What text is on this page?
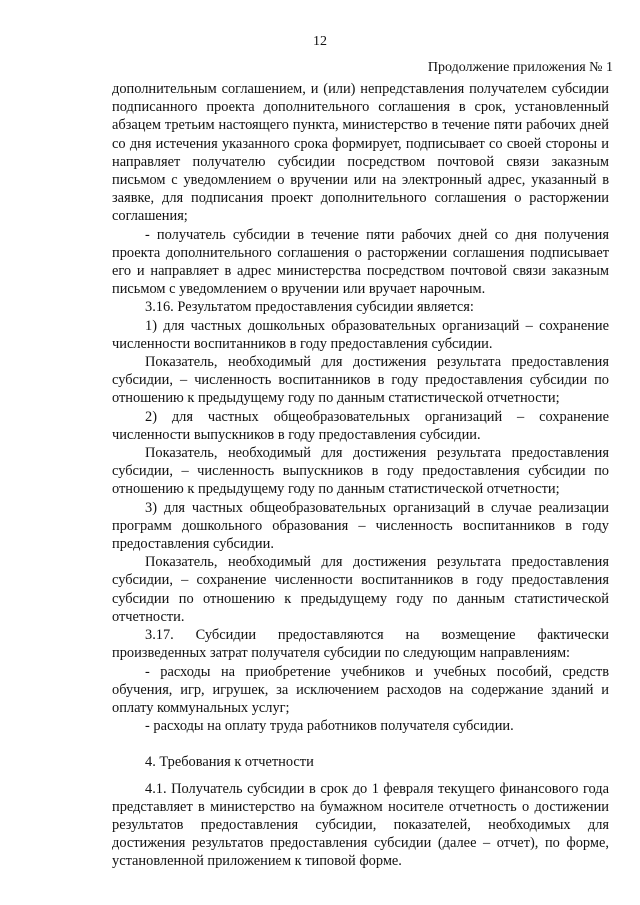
12
Продолжение приложения № 1

дополнительным соглашением, и (или) непредставления получателем субсидии подписанного проекта дополнительного соглашения в срок, установленный абзацем третьим настоящего пункта, министерство в течение пяти рабочих дней со дня истечения указанного срока формирует, подписывает со своей стороны и направляет получателю субсидии посредством почтовой связи заказным письмом с уведомлением о вручении или на электронный адрес, указанный в заявке, для подписания проект дополнительного соглашения о расторжении соглашения;

- получатель субсидии в течение пяти рабочих дней со дня получения проекта дополнительного соглашения о расторжении соглашения подписывает его и направляет в адрес министерства посредством почтовой связи заказным письмом с уведомлением о вручении или вручает нарочным.

3.16. Результатом предоставления субсидии является:

1) для частных дошкольных образовательных организаций – сохранение численности воспитанников в году предоставления субсидии.

Показатель, необходимый для достижения результата предоставления субсидии, – численность воспитанников в году предоставления субсидии по отношению к предыдущему году по данным статистической отчетности;

2) для частных общеобразовательных организаций – сохранение численности выпускников в году предоставления субсидии.

Показатель, необходимый для достижения результата предоставления субсидии, – численность выпускников в году предоставления субсидии по отношению к предыдущему году по данным статистической отчетности;

3) для частных общеобразовательных организаций в случае реализации программ дошкольного образования – численность воспитанников в году предоставления субсидии.

Показатель, необходимый для достижения результата предоставления субсидии, – сохранение численности воспитанников в году предоставления субсидии по отношению к предыдущему году по данным статистической отчетности.

3.17. Субсидии предоставляются на возмещение фактически произведенных затрат получателя субсидии по следующим направлениям:

- расходы на приобретение учебников и учебных пособий, средств обучения, игр, игрушек, за исключением расходов на содержание зданий и оплату коммунальных услуг;

- расходы на оплату труда работников получателя субсидии.

4. Требования к отчетности

4.1. Получатель субсидии в срок до 1 февраля текущего финансового года представляет в министерство на бумажном носителе отчетность о достижении результатов предоставления субсидии, показателей, необходимых для достижения результатов предоставления субсидии (далее – отчет), по форме, установленной приложением к типовой форме.
